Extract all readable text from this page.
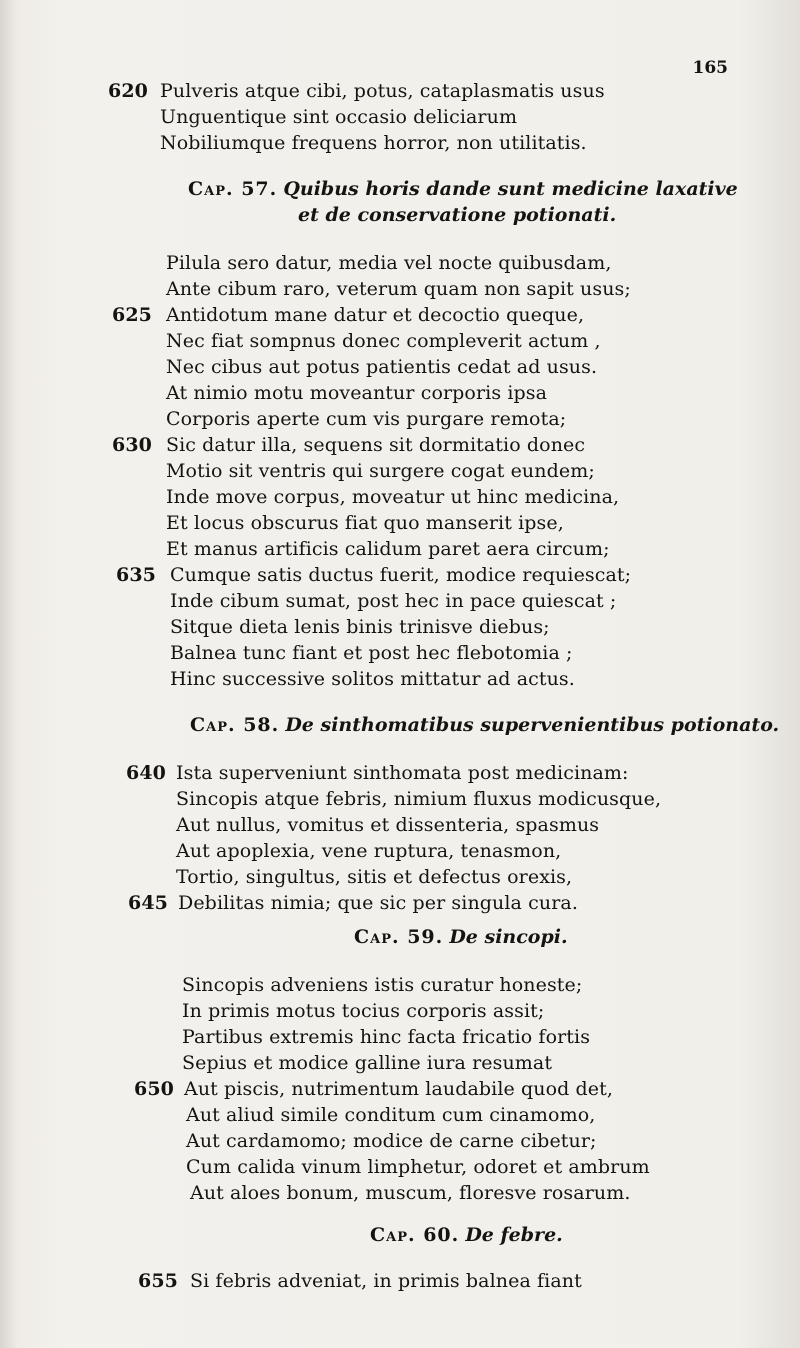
165
620 Pulveris atque cibi, potus, cataplasmatis usus
Unguentique sint occasio deliciarum
Nobiliumque frequens horror, non utilitatis.
Cap. 57. Quibus horis dande sunt medicine laxative
et de conservatione potionati.
Pilula sero datur, media vel nocte quibusdam,
Ante cibum raro, veterum quam non sapit usus;
625 Antidotum mane datur et decoctio queque,
Nec fiat sompnus donec compleverit actum ,
Nec cibus aut potus patientis cedat ad usus.
At nimio motu moveantur corporis ipsa
Corporis aperte cum vis purgare remota;
630 Sic datur illa, sequens sit dormitatio donec
Motio sit ventris qui surgere cogat eundem;
Inde move corpus, moveatur ut hinc medicina,
Et locus obscurus fiat quo manserit ipse,
Et manus artificis calidum paret aera circum;
635 Cumque satis ductus fuerit, modice requiescat;
Inde cibum sumat, post hec in pace quiescat ;
Sitque dieta lenis binis trinisve diebus;
Balnea tunc fiant et post hec flebotomia ;
Hinc successive solitos mittatur ad actus.
Cap. 58. De sinthomatibus supervenientibus potionato.
640 Ista superveniunt sinthomata post medicinam:
Sincopis atque febris, nimium fluxus modicusque,
Aut nullus, vomitus et dissenteria, spasmus
Aut apoplexia, vene ruptura, tenasmon,
Tortio, singultus, sitis et defectus orexis,
645 Debilitas nimia; que sic per singula cura.
Cap. 59. De sincopi.
Sincopis adveniens istis curatur honeste;
In primis motus tocius corporis assit;
Partibus extremis hinc facta fricatio fortis
Sepius et modice galline iura resumat
650 Aut piscis, nutrimentum laudabile quod det,
Aut aliud simile conditum cum cinamomo,
Aut cardamomo; modice de carne cibetur;
Cum calida vinum limphetur, odoret et ambrum
Aut aloes bonum, muscum, floresve rosarum.
Cap. 60. De febre.
655 Si febris adveniat, in primis balnea fiant
